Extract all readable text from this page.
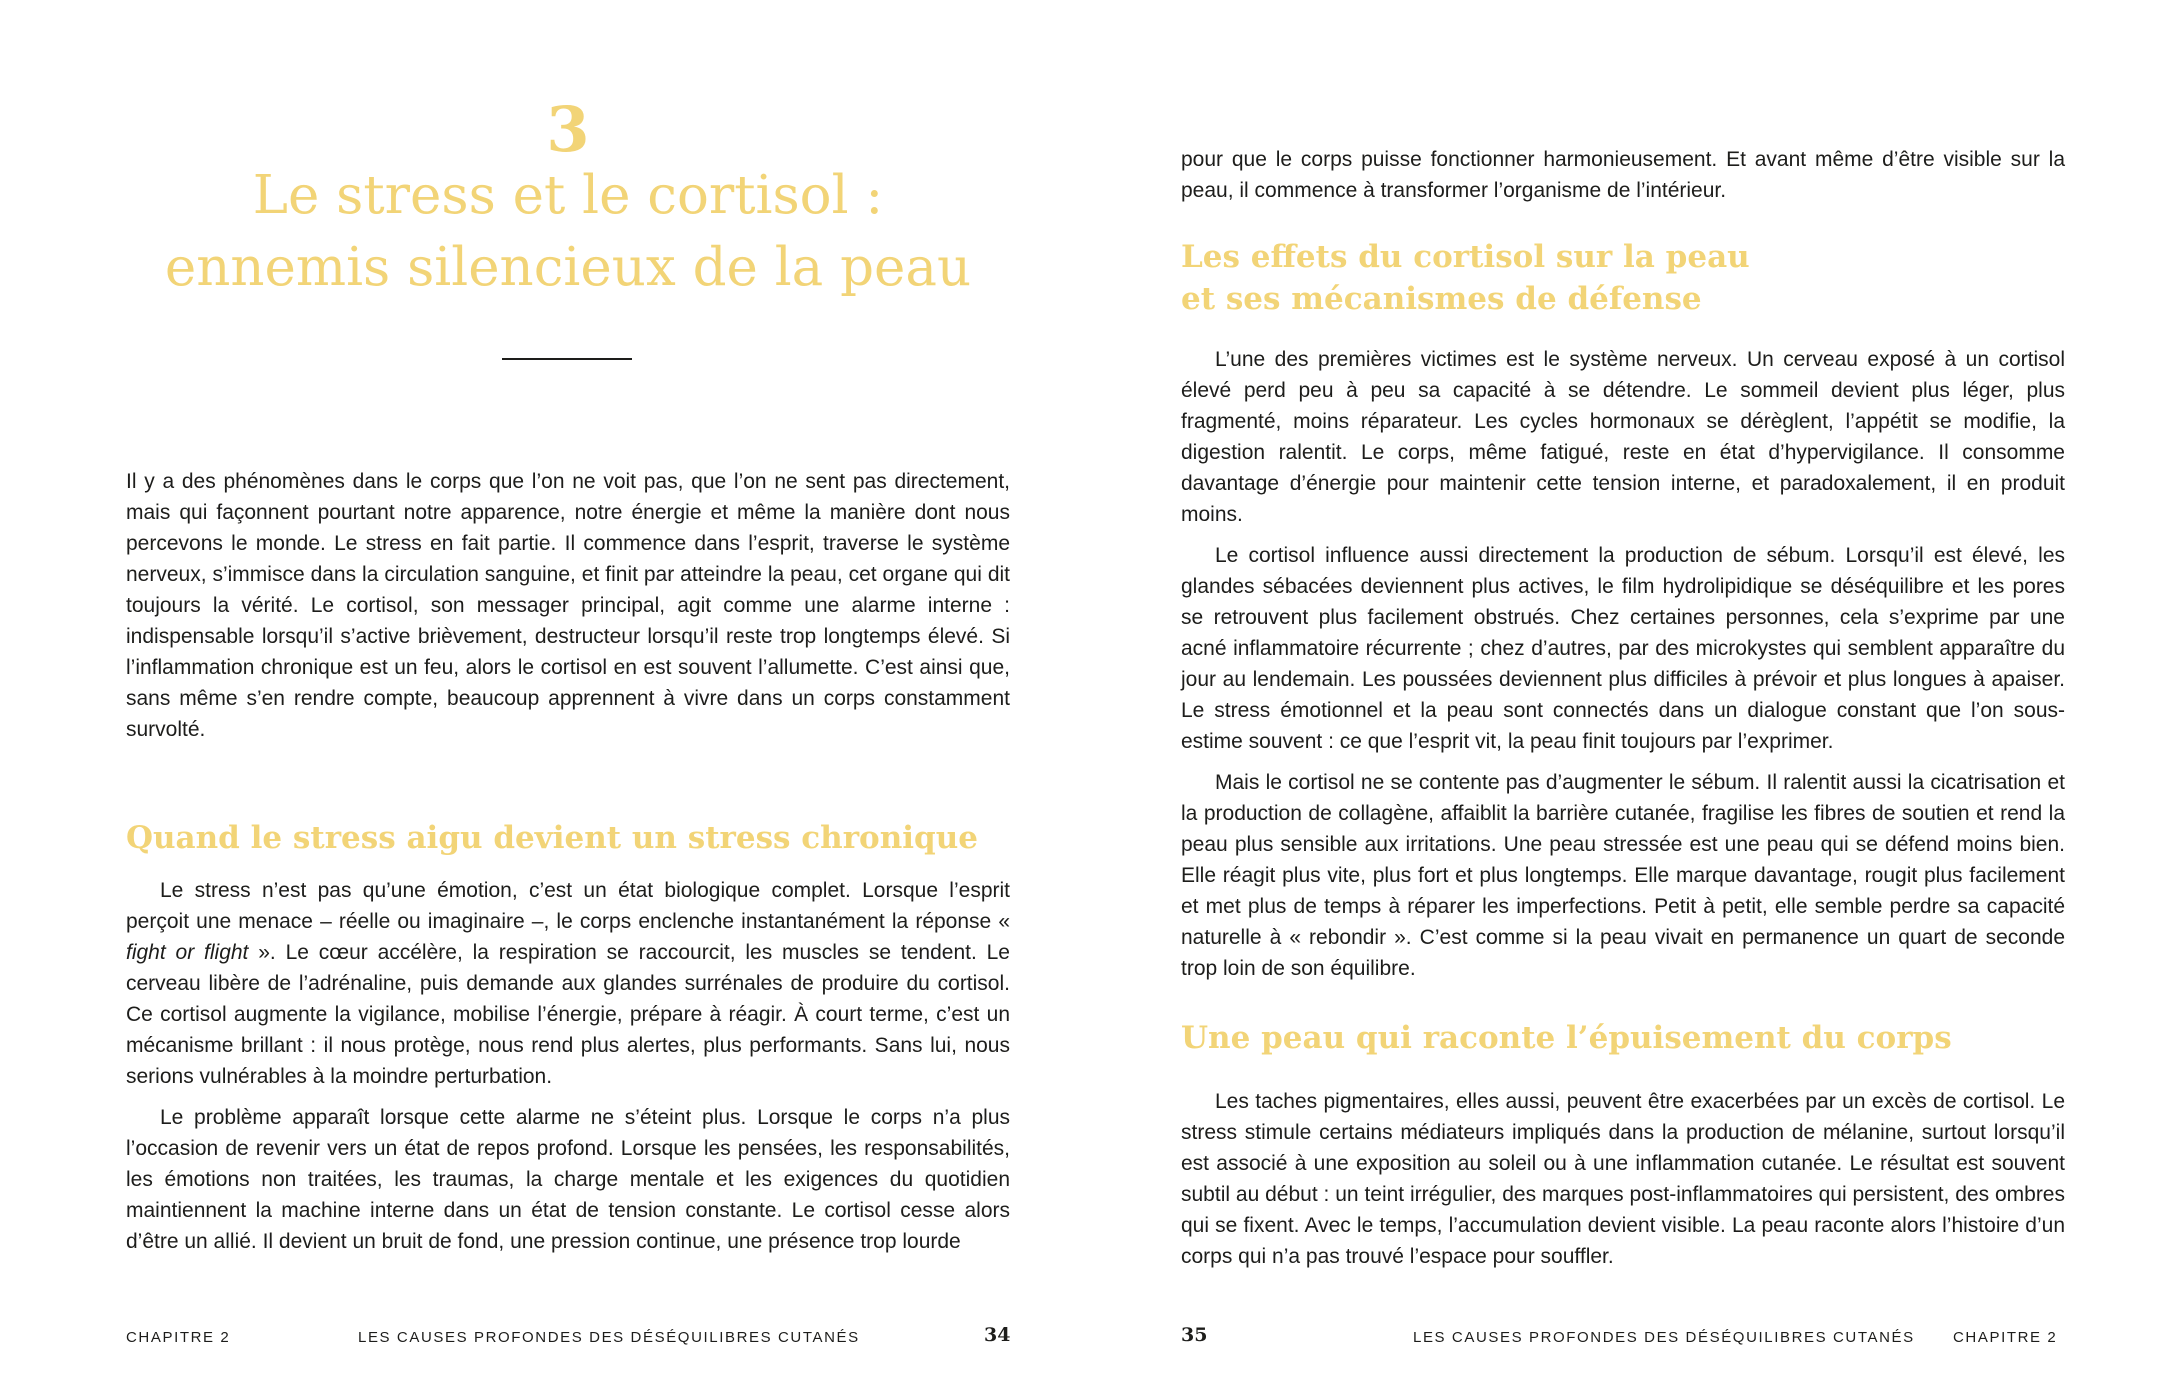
3
Le stress et le cortisol :
ennemis silencieux de la peau

Il y a des phénomènes dans le corps que l’on ne voit pas, que l’on ne sent pas directement, mais qui façonnent pourtant notre apparence, notre énergie et même la manière dont nous percevons le monde. Le stress en fait partie. Il commence dans l’esprit, traverse le système nerveux, s’immisce dans la circulation sanguine, et finit par atteindre la peau, cet organe qui dit toujours la vérité. Le cortisol, son messager principal, agit comme une alarme interne : indispensable lorsqu’il s’active brièvement, destructeur lorsqu’il reste trop longtemps élevé. Si l’inflammation chronique est un feu, alors le cortisol en est souvent l’allumette. C’est ainsi que, sans même s’en rendre compte, beaucoup apprennent à vivre dans un corps constamment survolté.

Quand le stress aigu devient un stress chronique

Le stress n’est pas qu’une émotion, c’est un état biologique complet. Lorsque l’esprit perçoit une menace – réelle ou imaginaire –, le corps enclenche instantanément la réponse « fight or flight ». Le cœur accélère, la respiration se raccourcit, les muscles se tendent. Le cerveau libère de l’adrénaline, puis demande aux glandes surrénales de produire du cortisol. Ce cortisol augmente la vigilance, mobilise l’énergie, prépare à réagir. À court terme, c’est un mécanisme brillant : il nous protège, nous rend plus alertes, plus performants. Sans lui, nous serions vulnérables à la moindre perturbation.

Le problème apparaît lorsque cette alarme ne s’éteint plus. Lorsque le corps n’a plus l’occasion de revenir vers un état de repos profond. Lorsque les pensées, les responsabilités, les émotions non traitées, les traumas, la charge mentale et les exigences du quotidien maintiennent la machine interne dans un état de tension constante. Le cortisol cesse alors d’être un allié. Il devient un bruit de fond, une pression continue, une présence trop lourde

CHAPITRE 2	LES CAUSES PROFONDES DES DÉSÉQUILIBRES CUTANÉS	34

pour que le corps puisse fonctionner harmonieusement. Et avant même d’être visible sur la peau, il commence à transformer l’organisme de l’intérieur.

Les effets du cortisol sur la peau
et ses mécanismes de défense

L’une des premières victimes est le système nerveux. Un cerveau exposé à un cortisol élevé perd peu à peu sa capacité à se détendre. Le sommeil devient plus léger, plus fragmenté, moins réparateur. Les cycles hormonaux se dérèglent, l’appétit se modifie, la digestion ralentit. Le corps, même fatigué, reste en état d’hypervigilance. Il consomme davantage d’énergie pour maintenir cette tension interne, et paradoxalement, il en produit moins.

Le cortisol influence aussi directement la production de sébum. Lorsqu’il est élevé, les glandes sébacées deviennent plus actives, le film hydrolipidique se déséquilibre et les pores se retrouvent plus facilement obstrués. Chez certaines personnes, cela s’exprime par une acné inflammatoire récurrente ; chez d’autres, par des microkystes qui semblent apparaître du jour au lendemain. Les poussées deviennent plus difficiles à prévoir et plus longues à apaiser. Le stress émotionnel et la peau sont connectés dans un dialogue constant que l’on sous-estime souvent : ce que l’esprit vit, la peau finit toujours par l’exprimer.

Mais le cortisol ne se contente pas d’augmenter le sébum. Il ralentit aussi la cicatrisation et la production de collagène, affaiblit la barrière cutanée, fragilise les fibres de soutien et rend la peau plus sensible aux irritations. Une peau stressée est une peau qui se défend moins bien. Elle réagit plus vite, plus fort et plus longtemps. Elle marque davantage, rougit plus facilement et met plus de temps à réparer les imperfections. Petit à petit, elle semble perdre sa capacité naturelle à « rebondir ». C’est comme si la peau vivait en permanence un quart de seconde trop loin de son équilibre.

Une peau qui raconte l’épuisement du corps

Les taches pigmentaires, elles aussi, peuvent être exacerbées par un excès de cortisol. Le stress stimule certains médiateurs impliqués dans la production de mélanine, surtout lorsqu’il est associé à une exposition au soleil ou à une inflammation cutanée. Le résultat est souvent subtil au début : un teint irrégulier, des marques post-inflammatoires qui persistent, des ombres qui se fixent. Avec le temps, l’accumulation devient visible. La peau raconte alors l’histoire d’un corps qui n’a pas trouvé l’espace pour souffler.

35	LES CAUSES PROFONDES DES DÉSÉQUILIBRES CUTANÉS	CHAPITRE 2
